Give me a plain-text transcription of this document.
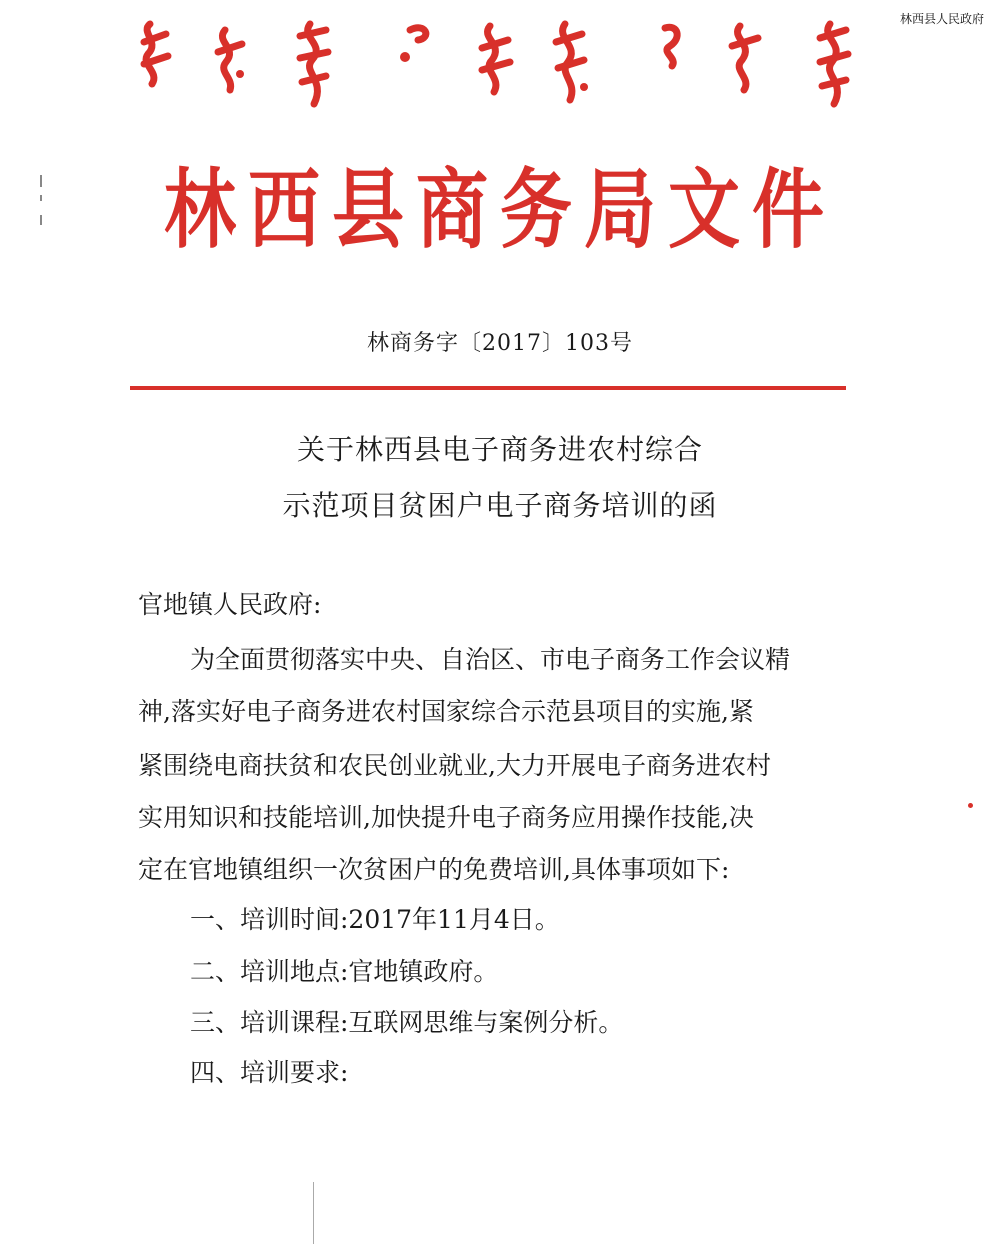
林西县人民政府
林西县商务局文件
林商务字〔2017〕103号
关于林西县电子商务进农村综合
示范项目贫困户电子商务培训的函
官地镇人民政府:
为全面贯彻落实中央、自治区、市电子商务工作会议精
神,落实好电子商务进农村国家综合示范县项目的实施,紧
紧围绕电商扶贫和农民创业就业,大力开展电子商务进农村
实用知识和技能培训,加快提升电子商务应用操作技能,决
定在官地镇组织一次贫困户的免费培训,具体事项如下:
一、培训时间:2017年11月4日。
二、培训地点:官地镇政府。
三、培训课程:互联网思维与案例分析。
四、培训要求:
